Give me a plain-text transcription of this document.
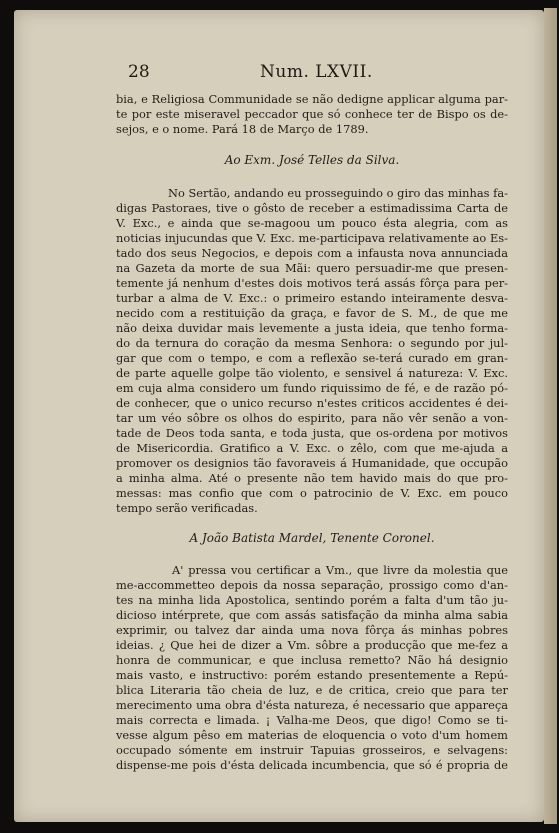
28	Num. LXVII.
bia, e Religiosa Communidade se não dedigne applicar alguma par-
te por este miseravel peccador que só conhece ter de Bispo os de-
sejos, e o nome. Pará 18 de Março de 1789.
Ao Exm. José Telles da Silva.
No Sertão, andando eu prosseguindo o giro das minhas fa-
digas Pastoraes, tive o gôsto de receber a estimadissima Carta de
V. Exc., e ainda que se-magoou um pouco ésta alegria, com as
noticias injucundas que V. Exc. me-participava relativamente ao Es-
tado dos seus Negocios, e depois com a infausta nova annunciada
na Gazeta da morte de sua Mãi: quero persuadir-me que presen-
temente já nenhum d'estes dois motivos terá assás fôrça para per-
turbar a alma de V. Exc.: o primeiro estando inteiramente desva-
necido com a restituição da graça, e favor de S. M., de que me
não deixa duvidar mais levemente a justa ideia, que tenho forma-
do da ternura do coração da mesma Senhora: o segundo por jul-
gar que com o tempo, e com a reflexão se-terá curado em gran-
de parte aquelle golpe tão violento, e sensivel á natureza: V. Exc.
em cuja alma considero um fundo riquissimo de fé, e de razão pó-
de conhecer, que o unico recurso n'estes criticos accidentes é dei-
tar um véo sôbre os olhos do espirito, para não vêr senão a von-
tade de Deos toda santa, e toda justa, que os-ordena por motivos
de Misericordia. Gratifico a V. Exc. o zêlo, com que me-ajuda a
promover os designios tão favoraveis á Humanidade, que occupão
a minha alma. Até o presente não tem havido mais do que pro-
messas: mas confio que com o patrocinio de V. Exc. em pouco
tempo serão verificadas.
A João Batista Mardel, Tenente Coronel.
A' pressa vou certificar a Vm., que livre da molestia que
me-accommetteo depois da nossa separação, prossigo como d'an-
tes na minha lida Apostolica, sentindo porém a falta d'um tão ju-
dicioso intérprete, que com assás satisfação da minha alma sabia
exprimir, ou talvez dar ainda uma nova fôrça ás minhas pobres
ideias. ¿ Que hei de dizer a Vm. sôbre a producção que me-fez a
honra de communicar, e que inclusa remetto? Não há designio
mais vasto, e instructivo: porém estando presentemente a Repú-
blica Literaria tão cheia de luz, e de critica, creio que para ter
merecimento uma obra d'ésta natureza, é necessario que appareça
mais correcta e limada. ¡ Valha-me Deos, que digo! Como se ti-
vesse algum pêso em materias de eloquencia o voto d'um homem
occupado sómente em instruir Tapuias grosseiros, e selvagens:
dispense-me pois d'ésta delicada incumbencia, que só é propria de
